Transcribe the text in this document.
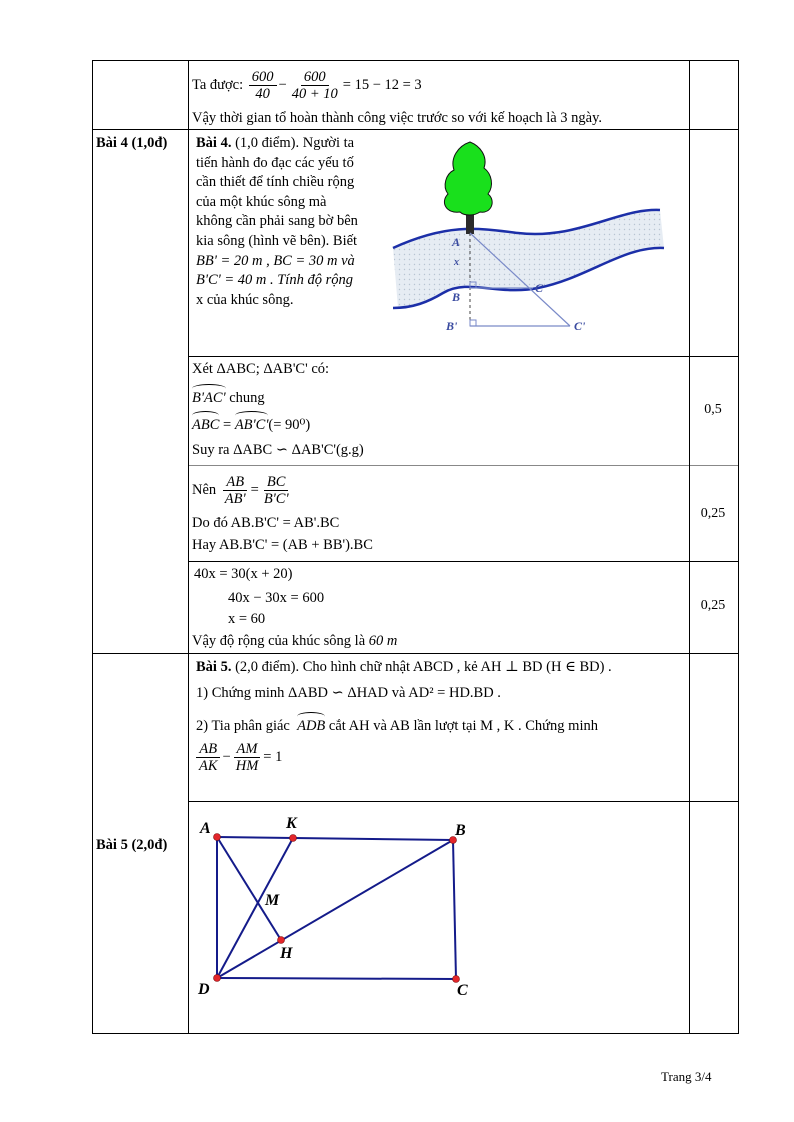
Ta được:
$\frac{600}{40} - \frac{600}{40 + 10} = 15 - 12 = 3$
Vậy thời gian tổ hoàn thành công việc trước so với kế hoạch là 3 ngày.
Bài 4 (1,0đ) Bài 4. (1,0 điểm). Người ta
tiến hành đo đạc các yếu tố
cần thiết để tính chiều rộng
của một khúc sông mà
không cần phải sang bờ bên
kia sông (hình vẽ bên). Biết
BB' = 20 m , BC = 30 m và
B'C' = 40 m . Tính độ rộng
x của khúc sông.
A
x
B
C
B'	C'
Xét ΔABC; ΔAB'C' có:
B'AC' chung
ABC = AB'C'(= 90⁰)
Suy ra ΔABC ∽ ΔAB'C'(g.g)
0,5
Nên
$\frac{AB}{AB'} = \frac{BC}{B'C'}$
Do đó AB.B'C' = AB'.BC
Hay AB.B'C' = (AB + BB').BC
0,25
40x = 30(x + 20)
40x − 30x = 600
x = 60
Vậy độ rộng của khúc sông là 60 m
0,25
Bài 5 (2,0đ)
Bài 5. (2,0 điểm). Cho hình chữ nhật ABCD , kẻ AH ⊥ BD (H ∈ BD) .
1) Chứng minh ΔABD ∽ ΔHAD và AD² = HD.BD .
2) Tia phân giác ADB cắt AH và AB lần lượt tại M , K . Chứng minh
$\frac{AB}{AK} - \frac{AM}{HM} = 1$
A	K	B
M
H
D	C
Trang 3/4
